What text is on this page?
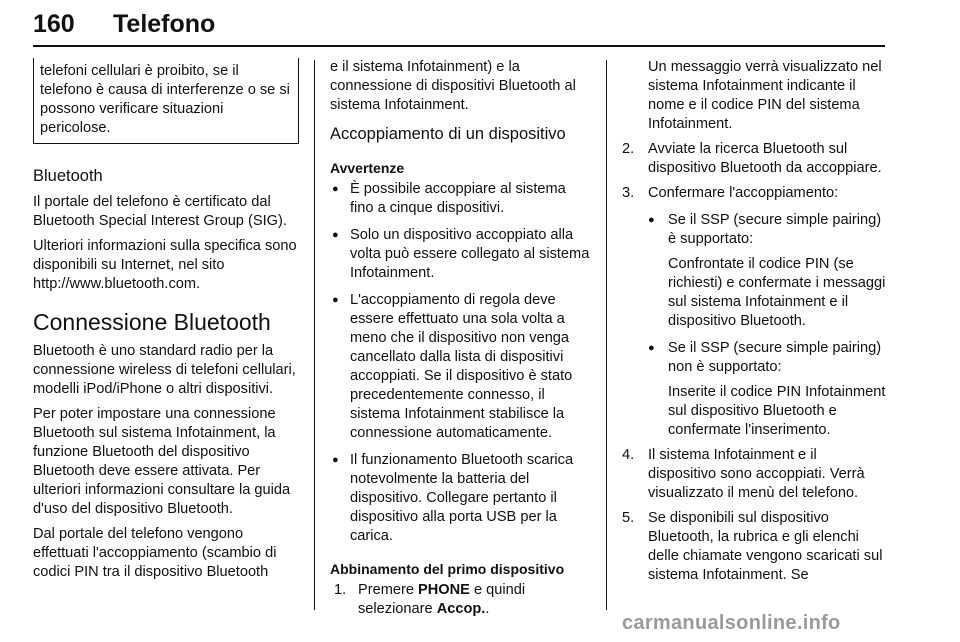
160 Telefono

telefoni cellulari è proibito, se il telefono è causa di interferenze o se si possono verificare situazioni pericolose.

Bluetooth

Il portale del telefono è certificato dal Bluetooth Special Interest Group (SIG).

Ulteriori informazioni sulla specifica sono disponibili su Internet, nel sito http://www.bluetooth.com.

Connessione Bluetooth

Bluetooth è uno standard radio per la connessione wireless di telefoni cellulari, modelli iPod/iPhone o altri dispositivi.

Per poter impostare una connessione Bluetooth sul sistema Infotainment, la funzione Bluetooth del dispositivo Bluetooth deve essere attivata. Per ulteriori informazioni consultare la guida d'uso del dispositivo Bluetooth.

Dal portale del telefono vengono effettuati l'accoppiamento (scambio di codici PIN tra il dispositivo Bluetooth

e il sistema Infotainment) e la connessione di dispositivi Bluetooth al sistema Infotainment.

Accoppiamento di un dispositivo
Avvertenze
● È possibile accoppiare al sistema fino a cinque dispositivi.
● Solo un dispositivo accoppiato alla volta può essere collegato al sistema Infotainment.
● L'accoppiamento di regola deve essere effettuato una sola volta a meno che il dispositivo non venga cancellato dalla lista di dispositivi accoppiati. Se il dispositivo è stato precedentemente connesso, il sistema Infotainment stabilisce la connessione automaticamente.
● Il funzionamento Bluetooth scarica notevolmente la batteria del dispositivo. Collegare pertanto il dispositivo alla porta USB per la carica.
Abbinamento del primo dispositivo
1. Premere PHONE e quindi selezionare Accop..

Un messaggio verrà visualizzato nel sistema Infotainment indicante il nome e il codice PIN del sistema Infotainment.

2. Avviate la ricerca Bluetooth sul dispositivo Bluetooth da accoppiare.
3. Confermare l'accoppiamento:
● Se il SSP (secure simple pairing) è supportato:

Confrontate il codice PIN (se richiesti) e confermate i messaggi sul sistema Infotainment e il dispositivo Bluetooth.

● Se il SSP (secure simple pairing) non è supportato:

Inserite il codice PIN Infotainment sul dispositivo Bluetooth e confermate l'inserimento.

4. Il sistema Infotainment e il dispositivo sono accoppiati. Verrà visualizzato il menù del telefono.
5. Se disponibili sul dispositivo Bluetooth, la rubrica e gli elenchi delle chiamate vengono scaricati sul sistema Infotainment. Se
carmanualsonline.info
